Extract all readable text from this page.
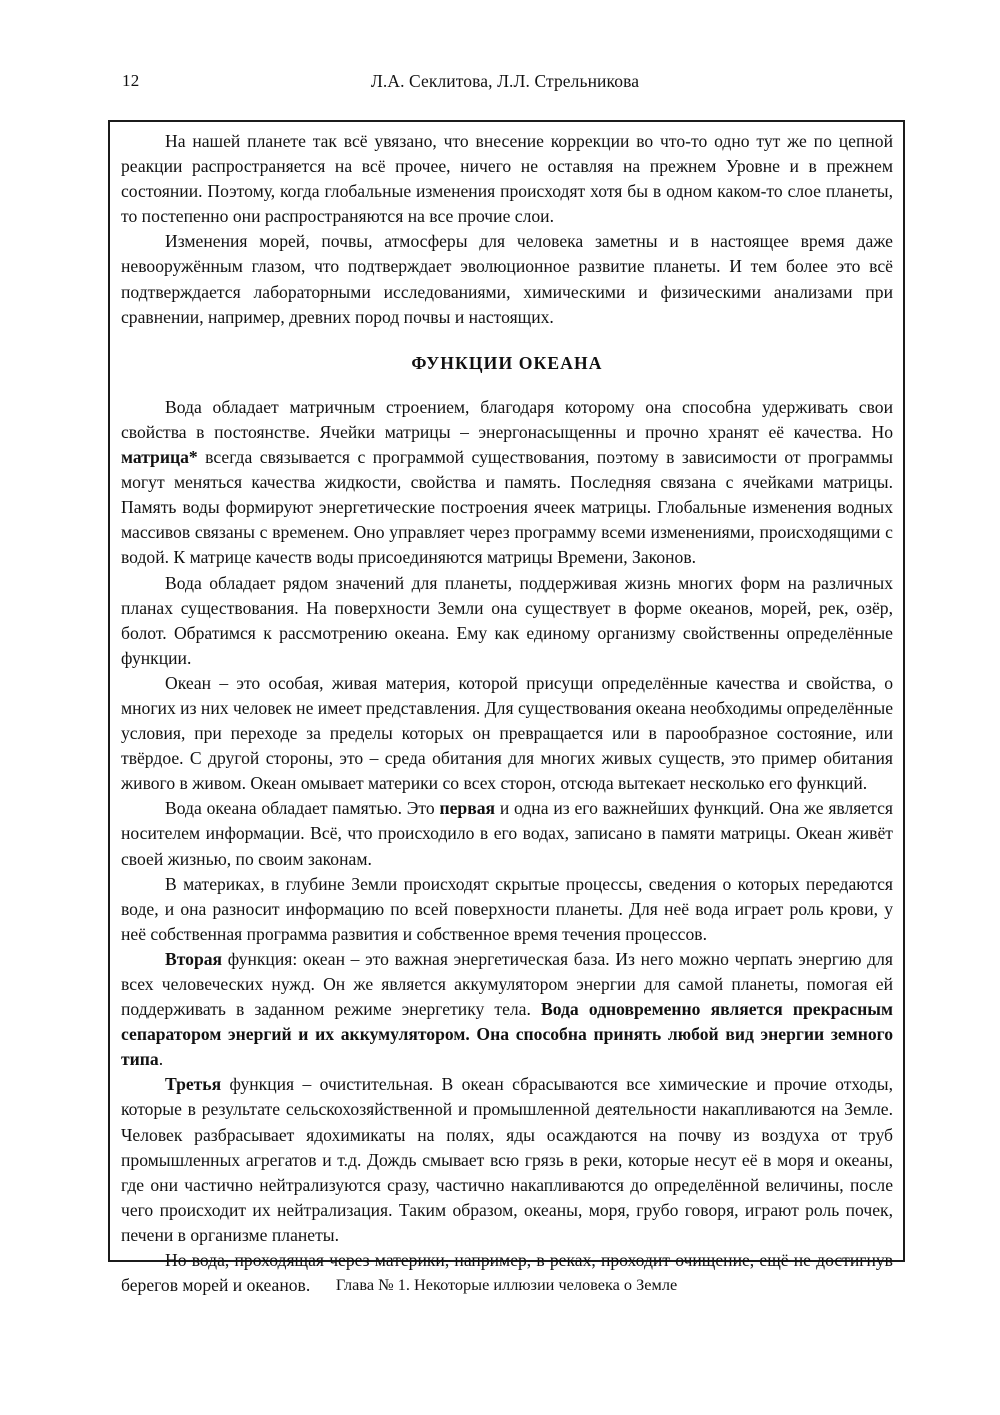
12	Л.А. Секлитова, Л.Л. Стрельникова

На нашей планете так всё увязано, что внесение коррекции во что-то одно тут же по цепной реакции распространяется на всё прочее, ничего не оставляя на прежнем Уровне и в прежнем состоянии. Поэтому, когда глобальные изменения происходят хотя бы в одном каком-то слое планеты, то постепенно они распространяются на все прочие слои.

Изменения морей, почвы, атмосферы для человека заметны и в настоящее время даже невооружённым глазом, что подтверждает эволюционное развитие планеты. И тем более это всё подтверждается лабораторными исследованиями, химическими и физическими анализами при сравнении, например, древних пород почвы и настоящих.

ФУНКЦИИ ОКЕАНА

Вода обладает матричным строением, благодаря которому она способна удерживать свои свойства в постоянстве. Ячейки матрицы – энергонасыщенны и прочно хранят её качества. Но матрица* всегда связывается с программой существования, поэтому в зависимости от программы могут меняться качества жидкости, свойства и память. Последняя связана с ячейками матрицы. Память воды формируют энергетические построения ячеек матрицы. Глобальные изменения водных массивов связаны с временем. Оно управляет через программу всеми изменениями, происходящими с водой. К матрице качеств воды присоединяются матрицы Времени, Законов.

Вода обладает рядом значений для планеты, поддерживая жизнь многих форм на различных планах существования. На поверхности Земли она существует в форме океанов, морей, рек, озёр, болот. Обратимся к рассмотрению океана. Ему как единому организму свойственны определённые функции.

Океан – это особая, живая материя, которой присущи определённые качества и свойства, о многих из них человек не имеет представления. Для существования океана необходимы определённые условия, при переходе за пределы которых он превращается или в парообразное состояние, или твёрдое. С другой стороны, это – среда обитания для многих живых существ, это пример обитания живого в живом. Океан омывает материки со всех сторон, отсюда вытекает несколько его функций.

Вода океана обладает памятью. Это первая и одна из его важнейших функций. Она же является носителем информации. Всё, что происходило в его водах, записано в памяти матрицы. Океан живёт своей жизнью, по своим законам.

В материках, в глубине Земли происходят скрытые процессы, сведения о которых передаются воде, и она разносит информацию по всей поверхности планеты. Для неё вода играет роль крови, у неё собственная программа развития и собственное время течения процессов.

Вторая функция: океан – это важная энергетическая база. Из него можно черпать энергию для всех человеческих нужд. Он же является аккумулятором энергии для самой планеты, помогая ей поддерживать в заданном режиме энергетику тела. Вода одновременно является прекрасным сепаратором энергий и их аккумулятором. Она способна принять любой вид энергии земного типа.

Третья функция – очистительная. В океан сбрасываются все химические и прочие отходы, которые в результате сельскохозяйственной и промышленной деятельности накапливаются на Земле. Человек разбрасывает ядохимикаты на полях, яды осаждаются на почву из воздуха от труб промышленных агрегатов и т.д. Дождь смывает всю грязь в реки, которые несут её в моря и океаны, где они частично нейтрализуются сразу, частично накапливаются до определённой величины, после чего происходит их нейтрализация. Таким образом, океаны, моря, грубо говоря, играют роль почек, печени в организме планеты.

Но вода, проходящая через материки, например, в реках, проходит очищение, ещё не достигнув берегов морей и океанов.	Глава № 1. Некоторые иллюзии человека о Земле
